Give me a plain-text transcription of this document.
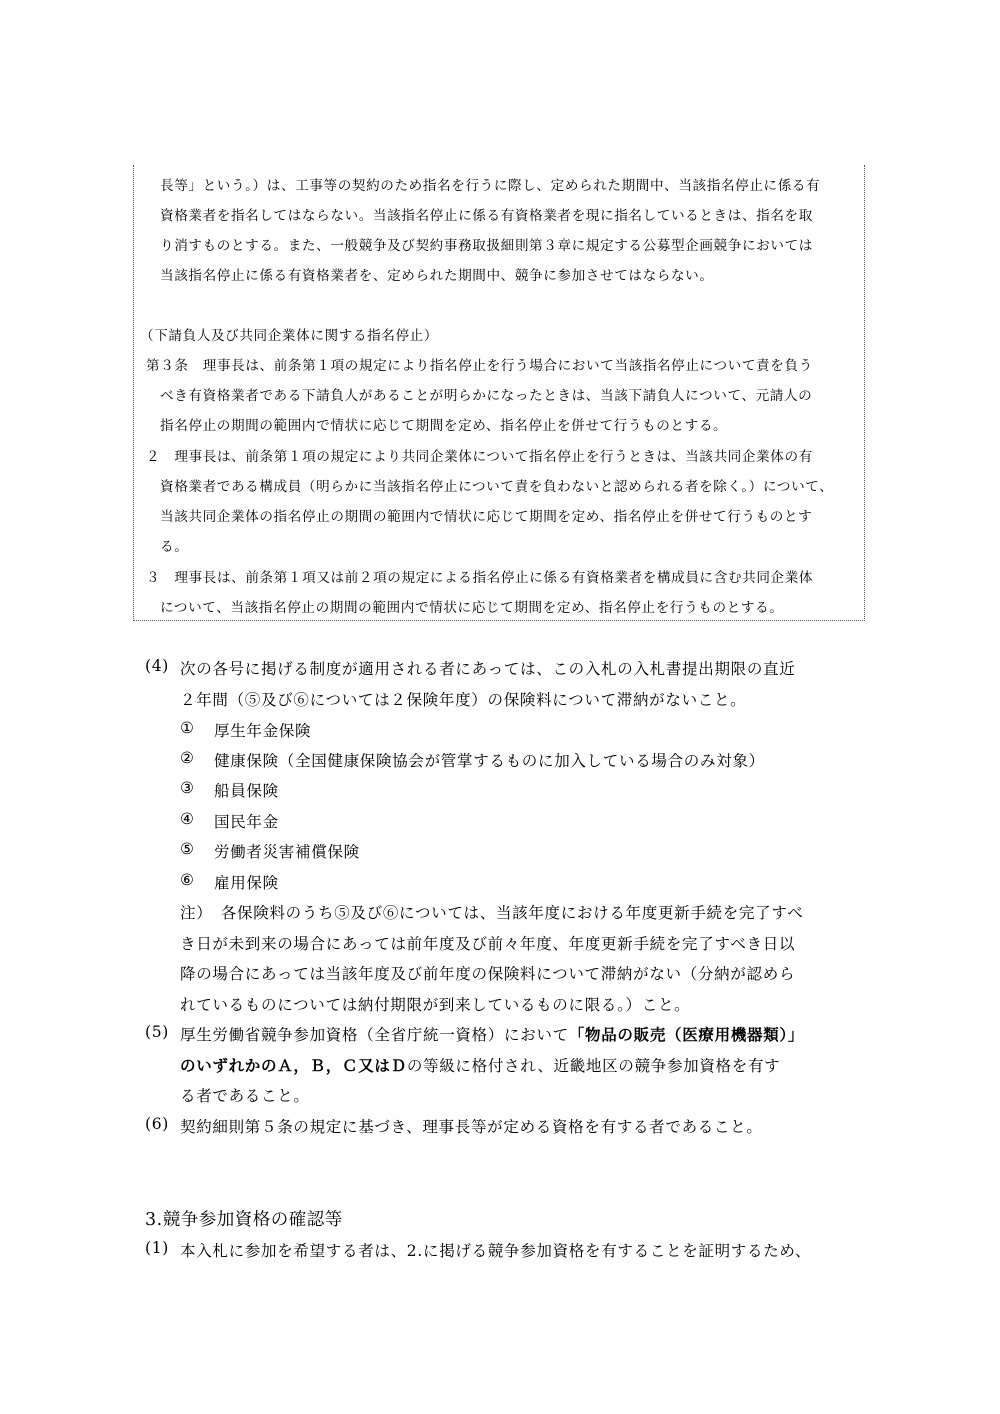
長等」という。）は、工事等の契約のため指名を行うに際し、定められた期間中、当該指名停止に係る有
資格業者を指名してはならない。当該指名停止に係る有資格業者を現に指名しているときは、指名を取
り消すものとする。また、一般競争及び契約事務取扱細則第３章に規定する公募型企画競争においては
当該指名停止に係る有資格業者を、定められた期間中、競争に参加させてはならない。
（下請負人及び共同企業体に関する指名停止）
第３条　理事長は、前条第１項の規定により指名停止を行う場合において当該指名停止について責を負う
べき有資格業者である下請負人があることが明らかになったときは、当該下請負人について、元請人の
指名停止の期間の範囲内で情状に応じて期間を定め、指名停止を併せて行うものとする。
２　理事長は、前条第１項の規定により共同企業体について指名停止を行うときは、当該共同企業体の有
資格業者である構成員（明らかに当該指名停止について責を負わないと認められる者を除く。）について、
当該共同企業体の指名停止の期間の範囲内で情状に応じて期間を定め、指名停止を併せて行うものとす
る。
３　理事長は、前条第１項又は前２項の規定による指名停止に係る有資格業者を構成員に含む共同企業体
について、当該指名停止の期間の範囲内で情状に応じて期間を定め、指名停止を行うものとする。
(4) 次の各号に掲げる制度が適用される者にあっては、この入札の入札書提出期限の直近
２年間（⑤及び⑥については２保険年度）の保険料について滞納がないこと。
① 厚生年金保険
② 健康保険（全国健康保険協会が管掌するものに加入している場合のみ対象）
③ 船員保険
④ 国民年金
⑤ 労働者災害補償保険
⑥ 雇用保険
注）　各保険料のうち⑤及び⑥については、当該年度における年度更新手続を完了すべ
き日が未到来の場合にあっては前年度及び前々年度、年度更新手続を完了すべき日以
降の場合にあっては当該年度及び前年度の保険料について滞納がない（分納が認めら
れているものについては納付期限が到来しているものに限る。）こと。
(5) 厚生労働省競争参加資格（全省庁統一資格）において「物品の販売（医療用機器類）」
のいずれかのＡ，Ｂ，Ｃ又はＤの等級に格付され、近畿地区の競争参加資格を有す
る者であること。
(6) 契約細則第５条の規定に基づき、理事長等が定める資格を有する者であること。
3.競争参加資格の確認等
(1) 本入札に参加を希望する者は、2.に掲げる競争参加資格を有することを証明するため、
